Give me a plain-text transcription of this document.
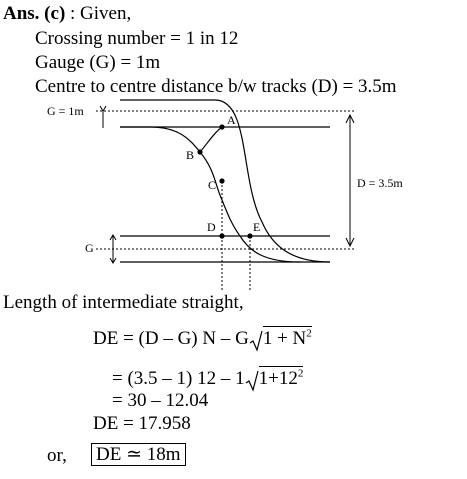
Ans. (c) : Given,
Crossing number = 1 in 12
Gauge (G) = 1m
Centre to centre distance b/w tracks (D) = 3.5m
G = 1m
D = 3.5m
G
A
B
C
D	E
Length of intermediate straight,
DE = (D – G) N – G $1 + N^2$
= (3.5 – 1) 12 – 1 $1+12^2$
= 30 – 12.04
DE = 17.958
or, DE ≃ 18m
